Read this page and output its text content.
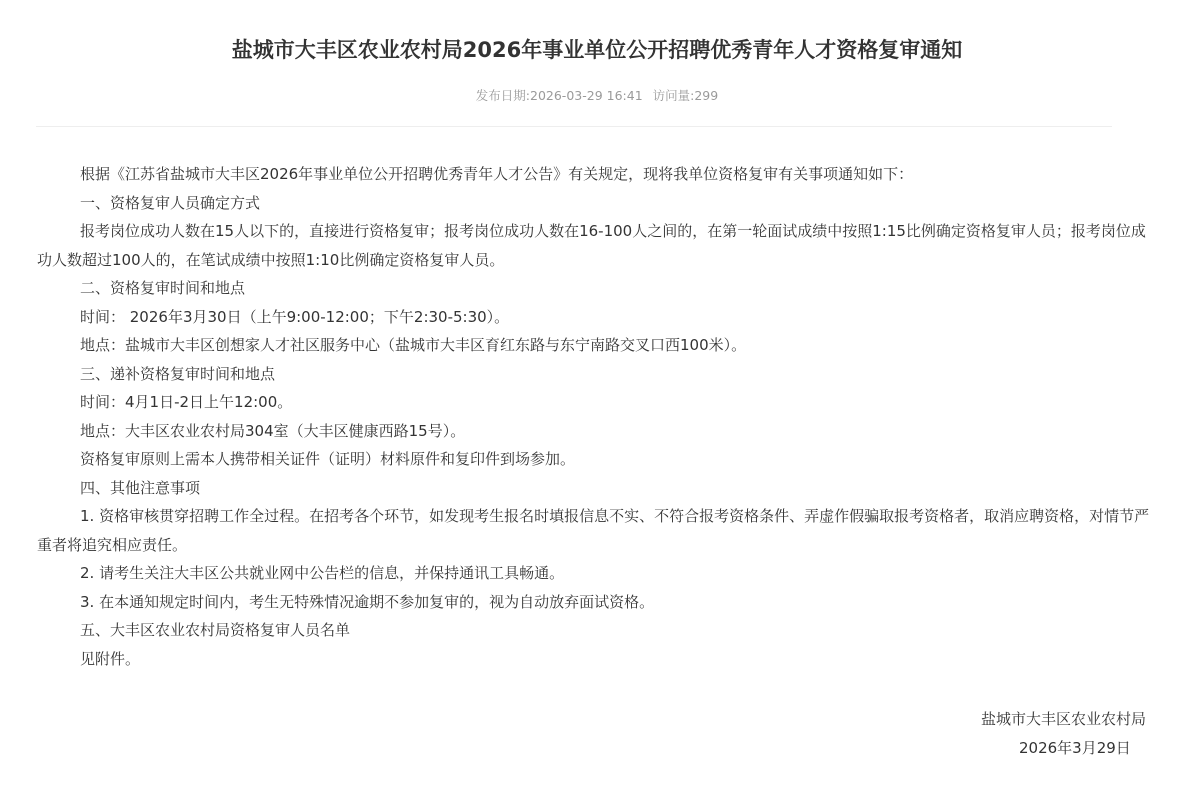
盐城市大丰区农业农村局2026年事业单位公开招聘优秀青年人才资格复审通知
发布日期:2026-03-29 16:41 访问量:299

根据《江苏省盐城市大丰区2026年事业单位公开招聘优秀青年人才公告》有关规定，现将我单位资格复审有关事项通知如下：

一、资格复审人员确定方式

报考岗位成功人数在15人以下的，直接进行资格复审；报考岗位成功人数在16-100人之间的，在第一轮面试成绩中按照1:15比例确定资格复审人员；报考岗位成功人数超过100人的，在笔试成绩中按照1:10比例确定资格复审人员。

二、资格复审时间和地点

时间： 2026年3月30日（上午9:00-12:00；下午2:30-5:30）。

地点：盐城市大丰区创想家人才社区服务中心（盐城市大丰区育红东路与东宁南路交叉口西100米）。

三、递补资格复审时间和地点

时间：4月1日-2日上午12:00。

地点：大丰区农业农村局304室（大丰区健康西路15号）。

资格复审原则上需本人携带相关证件（证明）材料原件和复印件到场参加。

四、其他注意事项

1. 资格审核贯穿招聘工作全过程。在招考各个环节，如发现考生报名时填报信息不实、不符合报考资格条件、弄虚作假骗取报考资格者，取消应聘资格，对情节严重者将追究相应责任。

2. 请考生关注大丰区公共就业网中公告栏的信息，并保持通讯工具畅通。

3. 在本通知规定时间内，考生无特殊情况逾期不参加复审的，视为自动放弃面试资格。

五、大丰区农业农村局资格复审人员名单

见附件。

盐城市大丰区农业农村局
2026年3月29日
